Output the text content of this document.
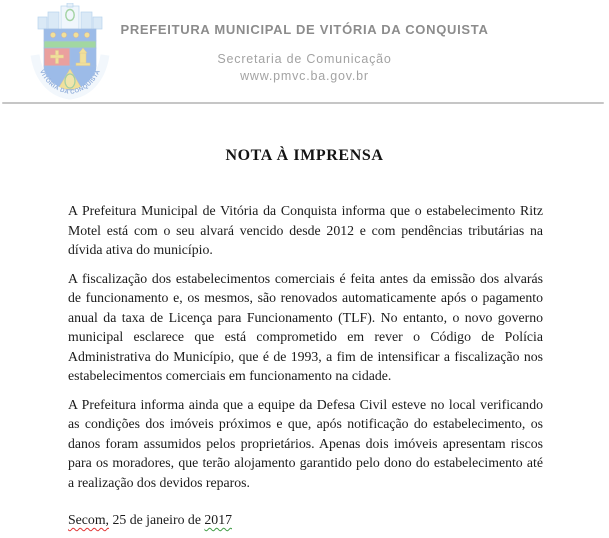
VITÓRIA DA CONQUISTA
PREFEITURA MUNICIPAL DE VITÓRIA DA CONQUISTA
Secretaria de Comunicação
www.pmvc.ba.gov.br
NOTA À IMPRENSA

A Prefeitura Municipal de Vitória da Conquista informa que o estabelecimento Ritz Motel está com o seu alvará vencido desde 2012 e com pendências tributárias na dívida ativa do município.

A fiscalização dos estabelecimentos comerciais é feita antes da emissão dos alvarás de funcionamento e, os mesmos, são renovados automaticamente após o pagamento anual da taxa de Licença para Funcionamento (TLF). No entanto, o novo governo municipal esclarece que está comprometido em rever o Código de Polícia Administrativa do Município, que é de 1993, a fim de intensificar a fiscalização nos estabelecimentos comerciais em funcionamento na cidade.

A Prefeitura informa ainda que a equipe da Defesa Civil esteve no local verificando as condições dos imóveis próximos e que, após notificação do estabelecimento, os danos foram assumidos pelos proprietários. Apenas dois imóveis apresentam riscos para os moradores, que terão alojamento garantido pelo dono do estabelecimento até a realização dos devidos reparos.

Secom, 25 de janeiro de 2017
